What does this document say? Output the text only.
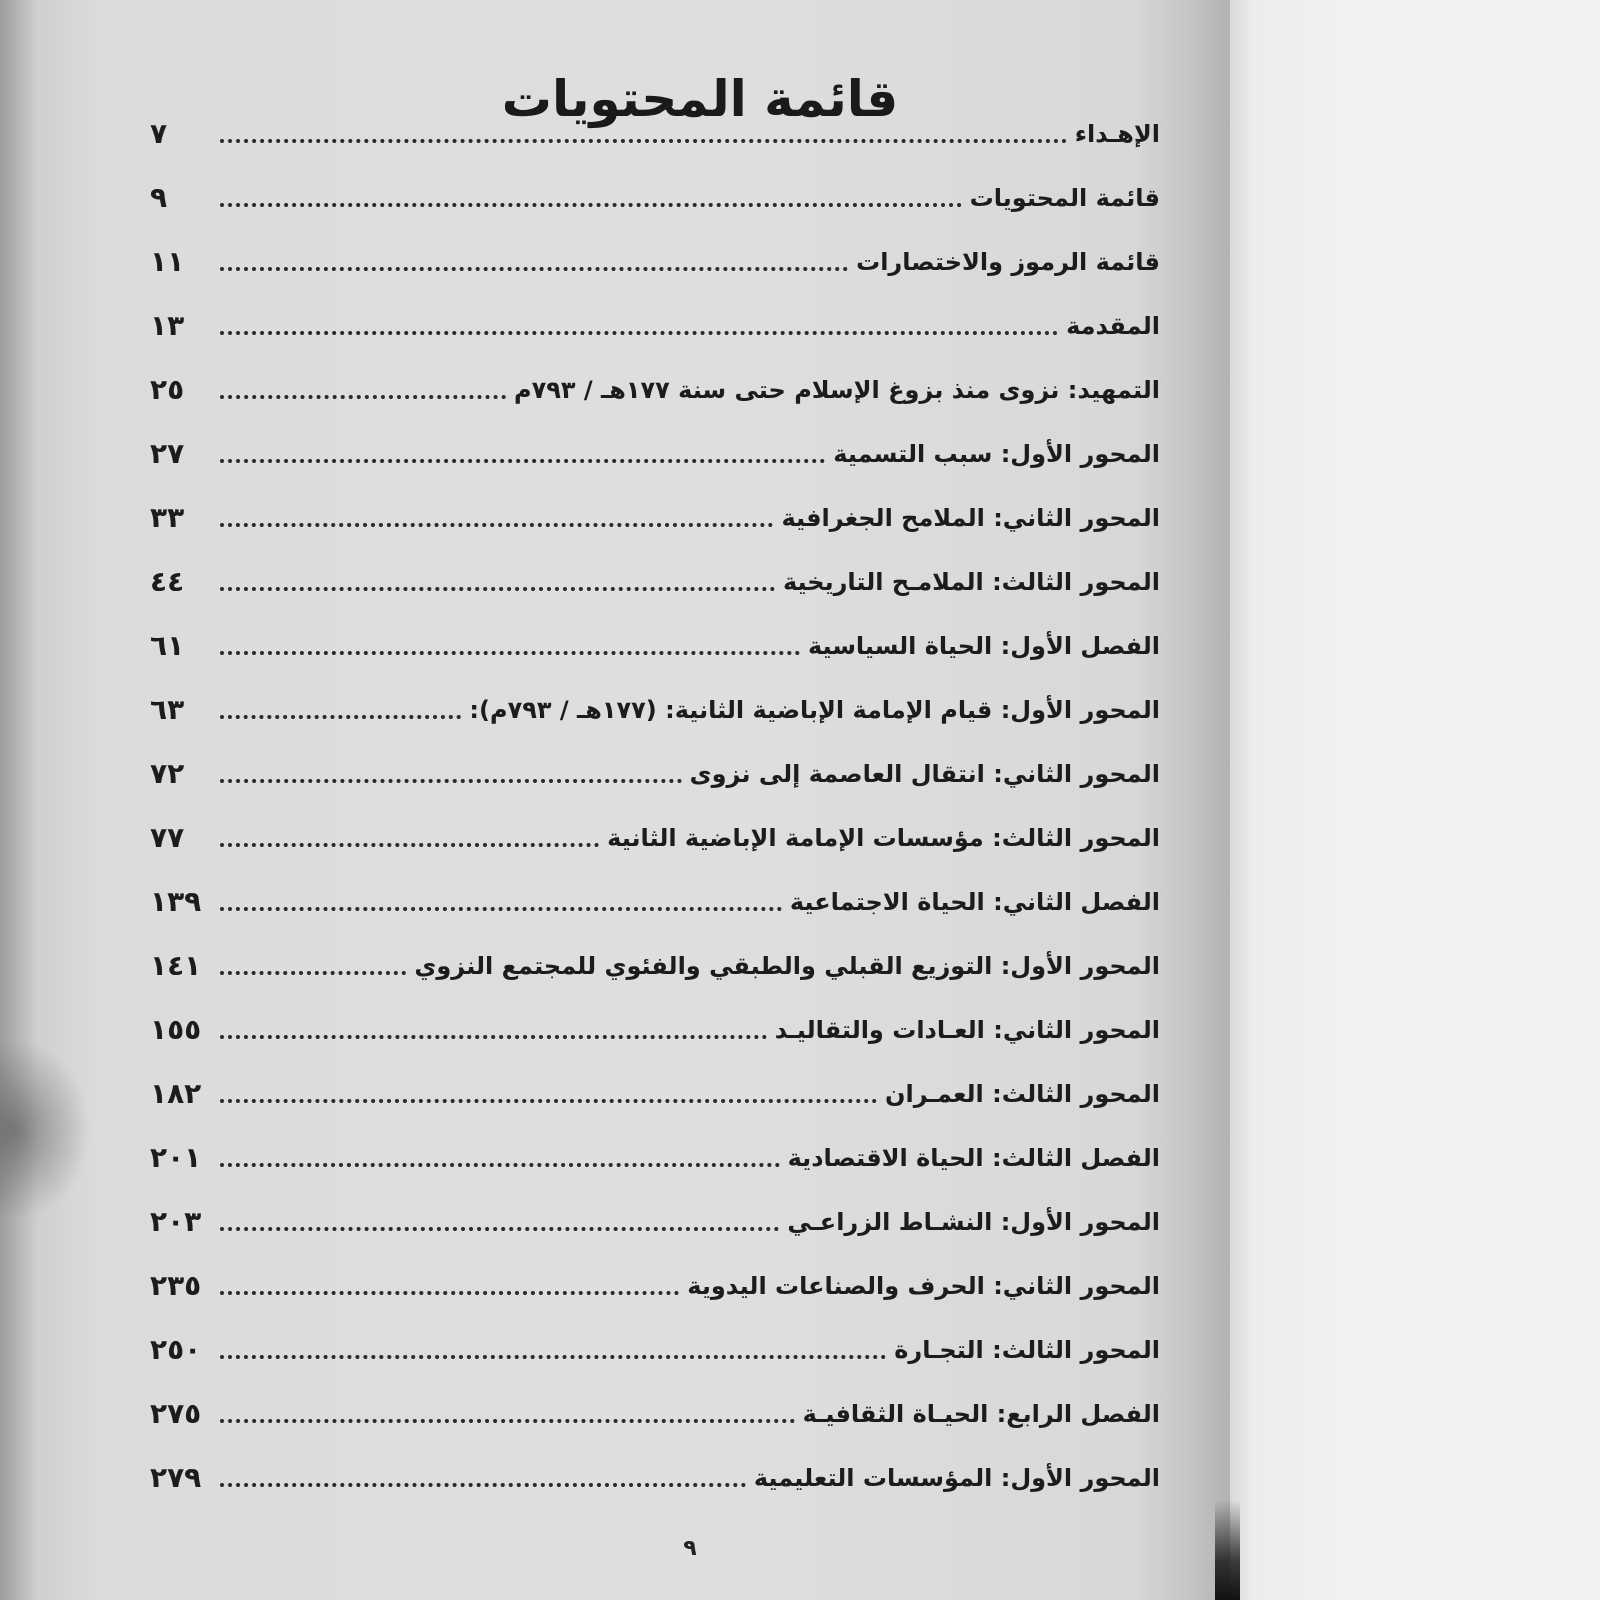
قائمة المحتويات
الإهـداء
٧
قائمة المحتويات
٩
قائمة الرموز والاختصارات
١١
المقدمة
١٣
التمهيد: نزوى منذ بزوغ الإسلام حتى سنة ١٧٧هـ / ٧٩٣م
٢٥
المحور الأول: سبب التسمية
٢٧
المحور الثاني: الملامح الجغرافية
٣٣
المحور الثالث: الملامـح التاريخية
٤٤
الفصل الأول: الحياة السياسية
٦١
المحور الأول: قيام الإمامة الإباضية الثانية: (١٧٧هـ / ٧٩٣م):
٦٣
المحور الثاني: انتقال العاصمة إلى نزوى
٧٢
المحور الثالث: مؤسسات الإمامة الإباضية الثانية
٧٧
الفصل الثاني: الحياة الاجتماعية
١٣٩
المحور الأول: التوزيع القبلي والطبقي والفئوي للمجتمع النزوي
١٤١
المحور الثاني: العـادات والتقاليـد
١٥٥
المحور الثالث: العمـران
١٨٢
الفصل الثالث: الحياة الاقتصادية
٢٠١
المحور الأول: النشـاط الزراعـي
٢٠٣
المحور الثاني: الحرف والصناعات اليدوية
٢٣٥
المحور الثالث: التجـارة
٢٥٠
الفصل الرابع: الحيـاة الثقافيـة
٢٧٥
المحور الأول: المؤسسات التعليمية
٢٧٩
٩
